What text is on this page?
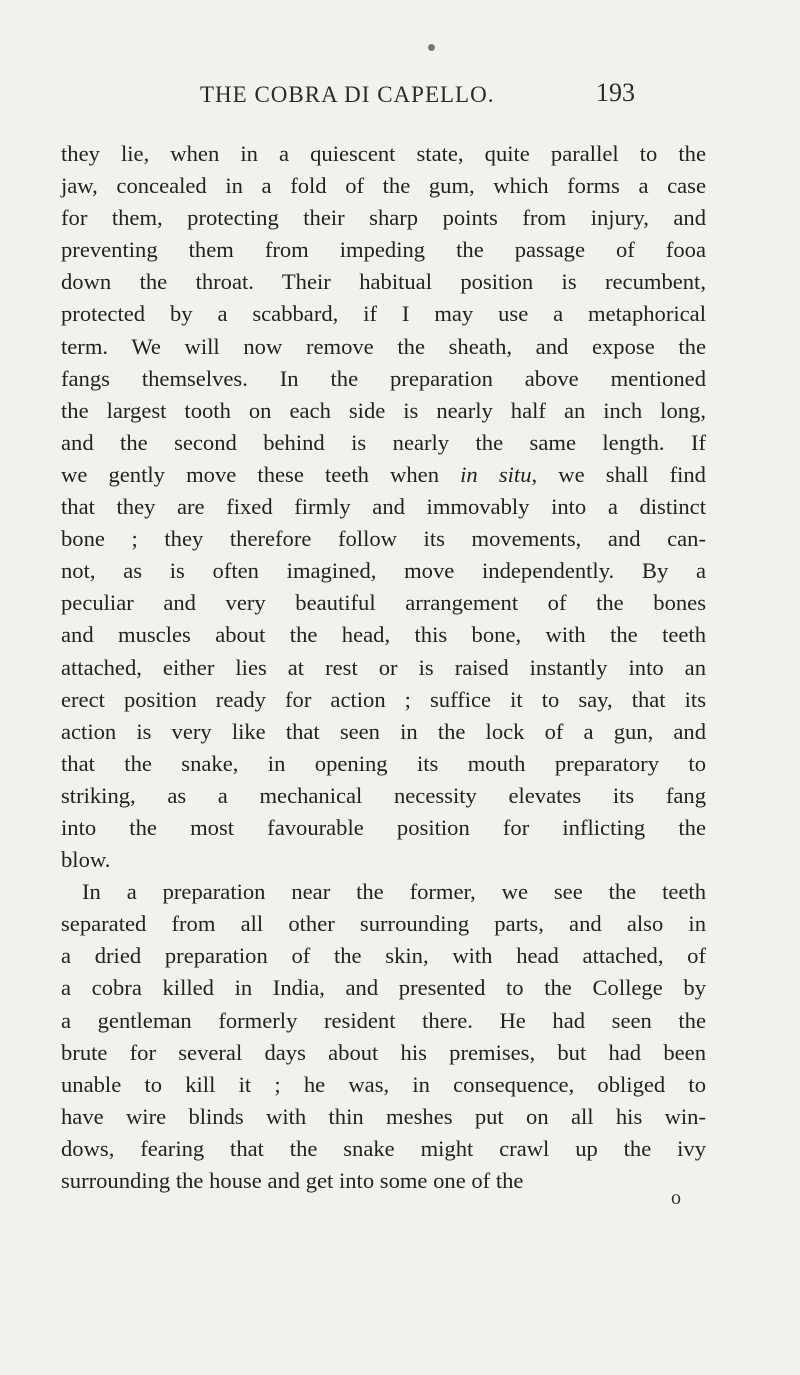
THE COBRA DI CAPELLO.	193
they lie, when in a quiescent state, quite parallel to the
jaw, concealed in a fold of the gum, which forms a case
for them, protecting their sharp points from injury, and
preventing them from impeding the passage of fooa
down the throat. Their habitual position is recumbent,
protected by a scabbard, if I may use a metaphorical
term. We will now remove the sheath, and expose the
fangs themselves. In the preparation above mentioned
the largest tooth on each side is nearly half an inch long,
and the second behind is nearly the same length. If
we gently move these teeth when in situ, we shall find
that they are fixed firmly and immovably into a distinct
bone ; they therefore follow its movements, and can-
not, as is often imagined, move independently. By a
peculiar and very beautiful arrangement of the bones
and muscles about the head, this bone, with the teeth
attached, either lies at rest or is raised instantly into an
erect position ready for action ; suffice it to say, that its
action is very like that seen in the lock of a gun, and
that the snake, in opening its mouth preparatory to
striking, as a mechanical necessity elevates its fang
into the most favourable position for inflicting the
blow.
In a preparation near the former, we see the teeth
separated from all other surrounding parts, and also in
a dried preparation of the skin, with head attached, of
a cobra killed in India, and presented to the College by
a gentleman formerly resident there. He had seen the
brute for several days about his premises, but had been
unable to kill it ; he was, in consequence, obliged to
have wire blinds with thin meshes put on all his win-
dows, fearing that the snake might crawl up the ivy
surrounding the house and get into some one of the
o
